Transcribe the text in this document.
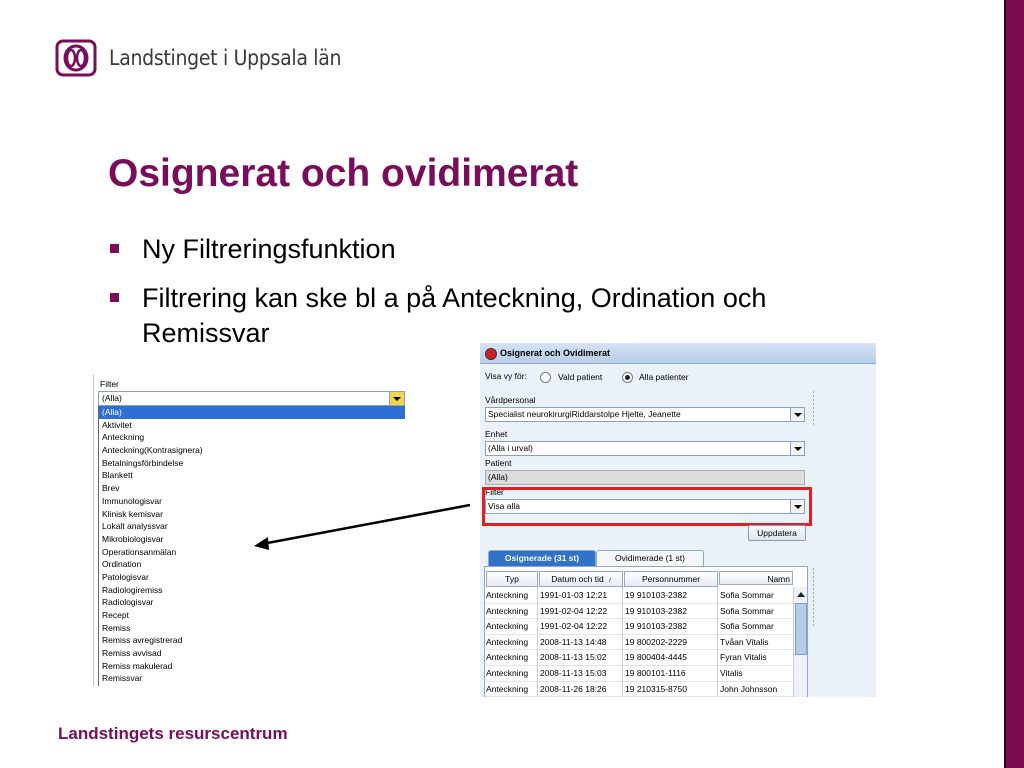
Landstinget i Uppsala län
Osignerat och ovidimerat
Ny Filtreringsfunktion
Filtrering kan ske bl a på Anteckning, Ordination och Remissvar
Filter
(Alla)
(Alla)
Aktivitet
Anteckning
Anteckning(Kontrasignera)
Betalningsförbindelse
Blankett
Brev
Immunologisvar
Klinisk kemisvar
Lokalt analyssvar
Mikrobiologisvar
Operationsanmälan
Ordination
Patologisvar
Radiologiremiss
Radiologisvar
Recept
Remiss
Remiss avregistrerad
Remiss avvisad
Remiss makulerad
Remissvar
Osignerat och Ovidimerat
Visa vy för:	Vald patient	Alla patienter
Vårdpersonal
Specialist neurokirurgiRiddarstolpe Hjelte, Jeanette
Enhet
(Alla i urval)
Patient
(Alla)
Filter
Visa alla
Uppdatera
Osignerade (31 st)	Ovidimerade (1 st)
Typ	Datum och tid /	Personnummer	Namn
Anteckning	1991-01-03 12:21	19 910103-2382	Sofia Sommar
Anteckning	1991-02-04 12:22	19 910103-2382	Sofia Sommar
Anteckning	1991-02-04 12:22	19 910103-2382	Sofia Sommar
Anteckning	2008-11-13 14:48	19 800202-2229	Tvåan Vitalis
Anteckning	2008-11-13 15:02	19 800404-4445	Fyran Vitalis
Anteckning	2008-11-13 15:03	19 800101-1116	Vitalis
Anteckning	2008-11-26 18:26	19 210315-8750	John Johnsson
Landstingets resurscentrum
